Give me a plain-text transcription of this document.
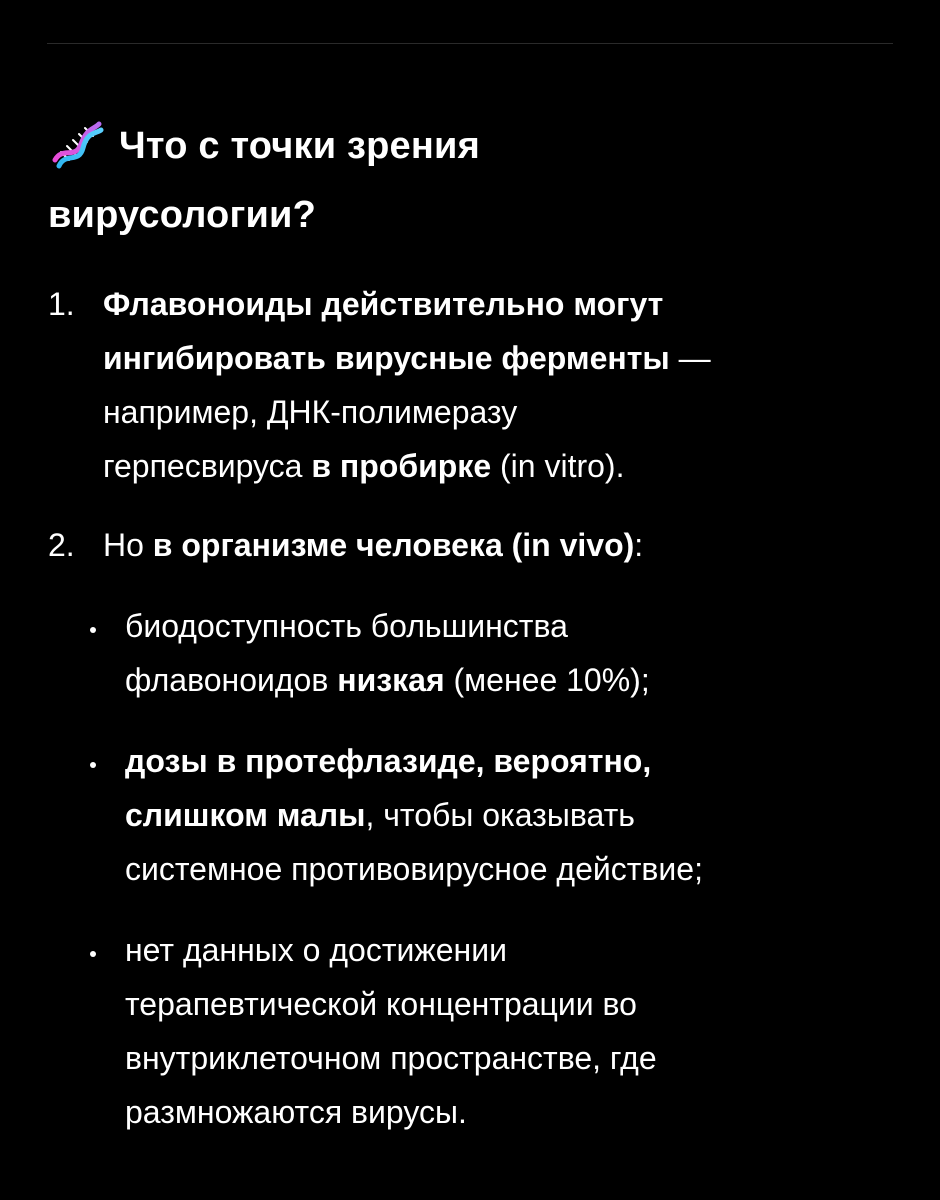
Что с точки зрения
вирусологии?
1. Флавоноиды действительно могут
ингибировать вирусные ферменты —
например, ДНК-полимеразу
герпесвируса в пробирке (in vitro).
2. Но в организме человека (in vivo):
биодоступность большинства
флавоноидов низкая (менее 10%);
дозы в протефлазиде, вероятно,
слишком малы, чтобы оказывать
системное противовирусное действие;
нет данных о достижении
терапевтической концентрации во
внутриклеточном пространстве, где
размножаются вирусы.
